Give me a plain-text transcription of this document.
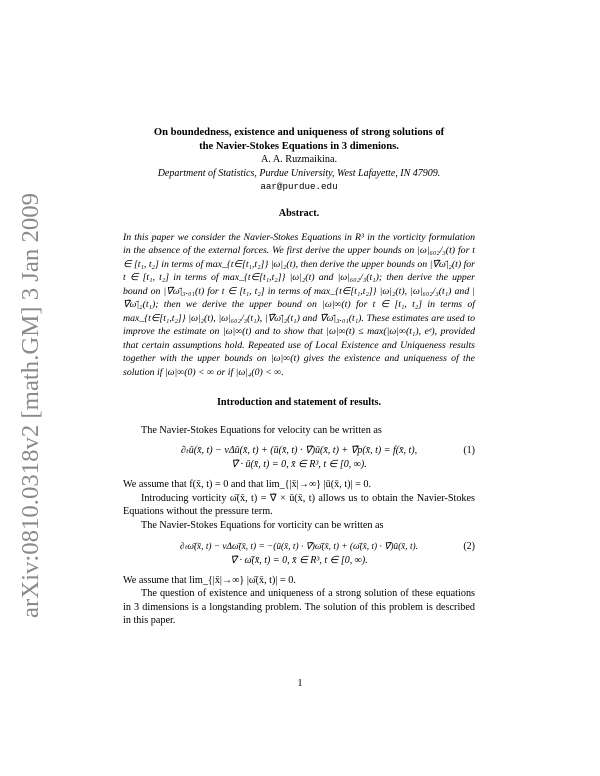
arXiv:0810.0318v2 [math.GM] 3 Jan 2009
On boundedness, existence and uniqueness of strong solutions of
the Navier-Stokes Equations in 3 dimenions.
A. A. Ruzmaikina.
Department of Statistics, Purdue University, West Lafayette, IN 47909.
aar@purdue.edu
Abstract.
In this paper we consider the Navier-Stokes Equations in R³ in the vorticity formulation in the absence of the external forces. We first derive the upper bounds on |ω|₆₀₂/₃(t) for t ∈ [t₁, t₂] in terms of max_{t∈[t₁,t₂]} |ω|₂(t), then derive the upper bounds on |∇̄ω̄|₂(t) for t ∈ [t₁, t₂] in terms of max_{t∈[t₁,t₂]} |ω|₂(t) and |ω|₆₀₂/₃(t₁); then derive the upper bound on |∇̄ω̄|₃.₀₁(t) for t ∈ [t₁, t₂] in terms of max_{t∈[t₁,t₂]} |ω|₂(t), |ω|₆₀₂/₃(t₁) and |∇̄ω̄|₂(t₁); then we derive the upper bound on |ω|∞(t) for t ∈ [t₁, t₂] in terms of max_{t∈[t₁,t₂]} |ω|₂(t), |ω|₆₀₂/₃(t₁), |∇̄ω̄|₂(t₁) and ∇̄ω̄|₃.₀₁(t₁). These estimates are used to improve the estimate on |ω|∞(t) and to show that |ω|∞(t) ≤ max(|ω|∞(t₁), eᵉ), provided that certain assumptions hold. Repeated use of Local Existence and Uniqueness results together with the upper bounds on |ω|∞(t) gives the existence and uniqueness of the solution if |ω|∞(0) < ∞ or if |ω|₄(0) < ∞.
Introduction and statement of results.
The Navier-Stokes Equations for velocity can be written as
∂ₜū(x̄, t) − νΔū(x̄, t) + (ū(x̄, t) · ∇̄)ū(x̄, t) + ∇̄p(x̄, t) = f(x̄, t),
∇̄ · ū(x̄, t) = 0, x̄ ∈ R³, t ∈ [0, ∞).
(1)
We assume that f(x̄, t) = 0 and that lim_{|x̄|→∞} |ū(x̄, t)| = 0.
Introducing vorticity ω̄(x̄, t) = ∇̄ × ū(x̄, t) allows us to obtain the Navier-Stokes Equations without the pressure term.
The Navier-Stokes Equations for vorticity can be written as
∂ₜω̄(x̄, t) − νΔω̄(x̄, t) = −(ū(x̄, t) · ∇̄)ω̄(x̄, t) + (ω̄(x̄, t) · ∇̄)ū(x̄, t).
∇̄ · ω̄(x̄, t) = 0, x̄ ∈ R³, t ∈ [0, ∞).
(2)
We assume that lim_{|x̄|→∞} |ω̄(x̄, t)| = 0.
The question of existence and uniqueness of a strong solution of these equations in 3 dimensions is a longstanding problem. The solution of this problem is described in this paper.
1
